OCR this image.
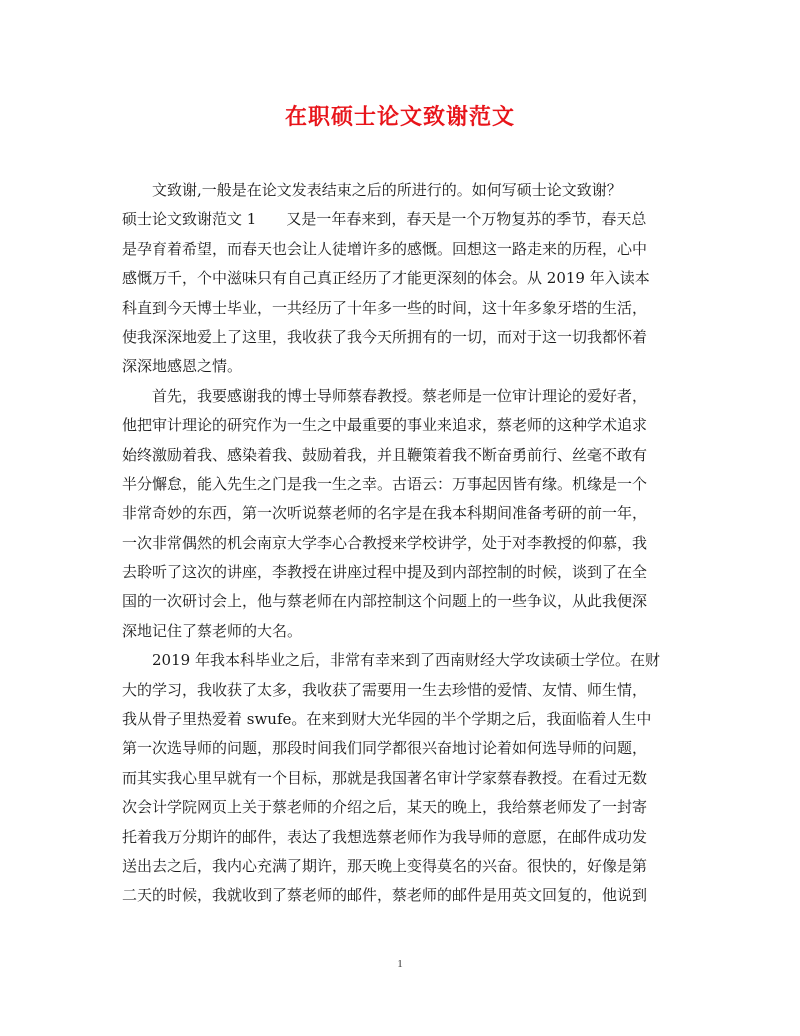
在职硕士论文致谢范文
文致谢,一般是在论文发表结束之后的所进行的。如何写硕士论文致谢？
硕士论文致谢范文 1 又是一年春来到，春天是一个万物复苏的季节，春天总
是孕育着希望，而春天也会让人徒增许多的感慨。回想这一路走来的历程，心中
感慨万千，个中滋味只有自己真正经历了才能更深刻的体会。从 2019 年入读本
科直到今天博士毕业，一共经历了十年多一些的时间，这十年多象牙塔的生活，
使我深深地爱上了这里，我收获了我今天所拥有的一切，而对于这一切我都怀着
深深地感恩之情。
首先，我要感谢我的博士导师蔡春教授。蔡老师是一位审计理论的爱好者，
他把审计理论的研究作为一生之中最重要的事业来追求，蔡老师的这种学术追求
始终激励着我、感染着我、鼓励着我，并且鞭策着我不断奋勇前行、丝毫不敢有
半分懈怠，能入先生之门是我一生之幸。古语云：万事起因皆有缘。机缘是一个
非常奇妙的东西，第一次听说蔡老师的名字是在我本科期间准备考研的前一年，
一次非常偶然的机会南京大学李心合教授来学校讲学，处于对李教授的仰慕，我
去聆听了这次的讲座，李教授在讲座过程中提及到内部控制的时候，谈到了在全
国的一次研讨会上，他与蔡老师在内部控制这个问题上的一些争议，从此我便深
深地记住了蔡老师的大名。
2019 年我本科毕业之后，非常有幸来到了西南财经大学攻读硕士学位。在财
大的学习，我收获了太多，我收获了需要用一生去珍惜的爱情、友情、师生情，
我从骨子里热爱着 swufe。在来到财大光华园的半个学期之后，我面临着人生中
第一次选导师的问题，那段时间我们同学都很兴奋地讨论着如何选导师的问题，
而其实我心里早就有一个目标，那就是我国著名审计学家蔡春教授。在看过无数
次会计学院网页上关于蔡老师的介绍之后，某天的晚上，我给蔡老师发了一封寄
托着我万分期许的邮件，表达了我想选蔡老师作为我导师的意愿，在邮件成功发
送出去之后，我内心充满了期许，那天晚上变得莫名的兴奋。很快的，好像是第
二天的时候，我就收到了蔡老师的邮件，蔡老师的邮件是用英文回复的，他说到
1
